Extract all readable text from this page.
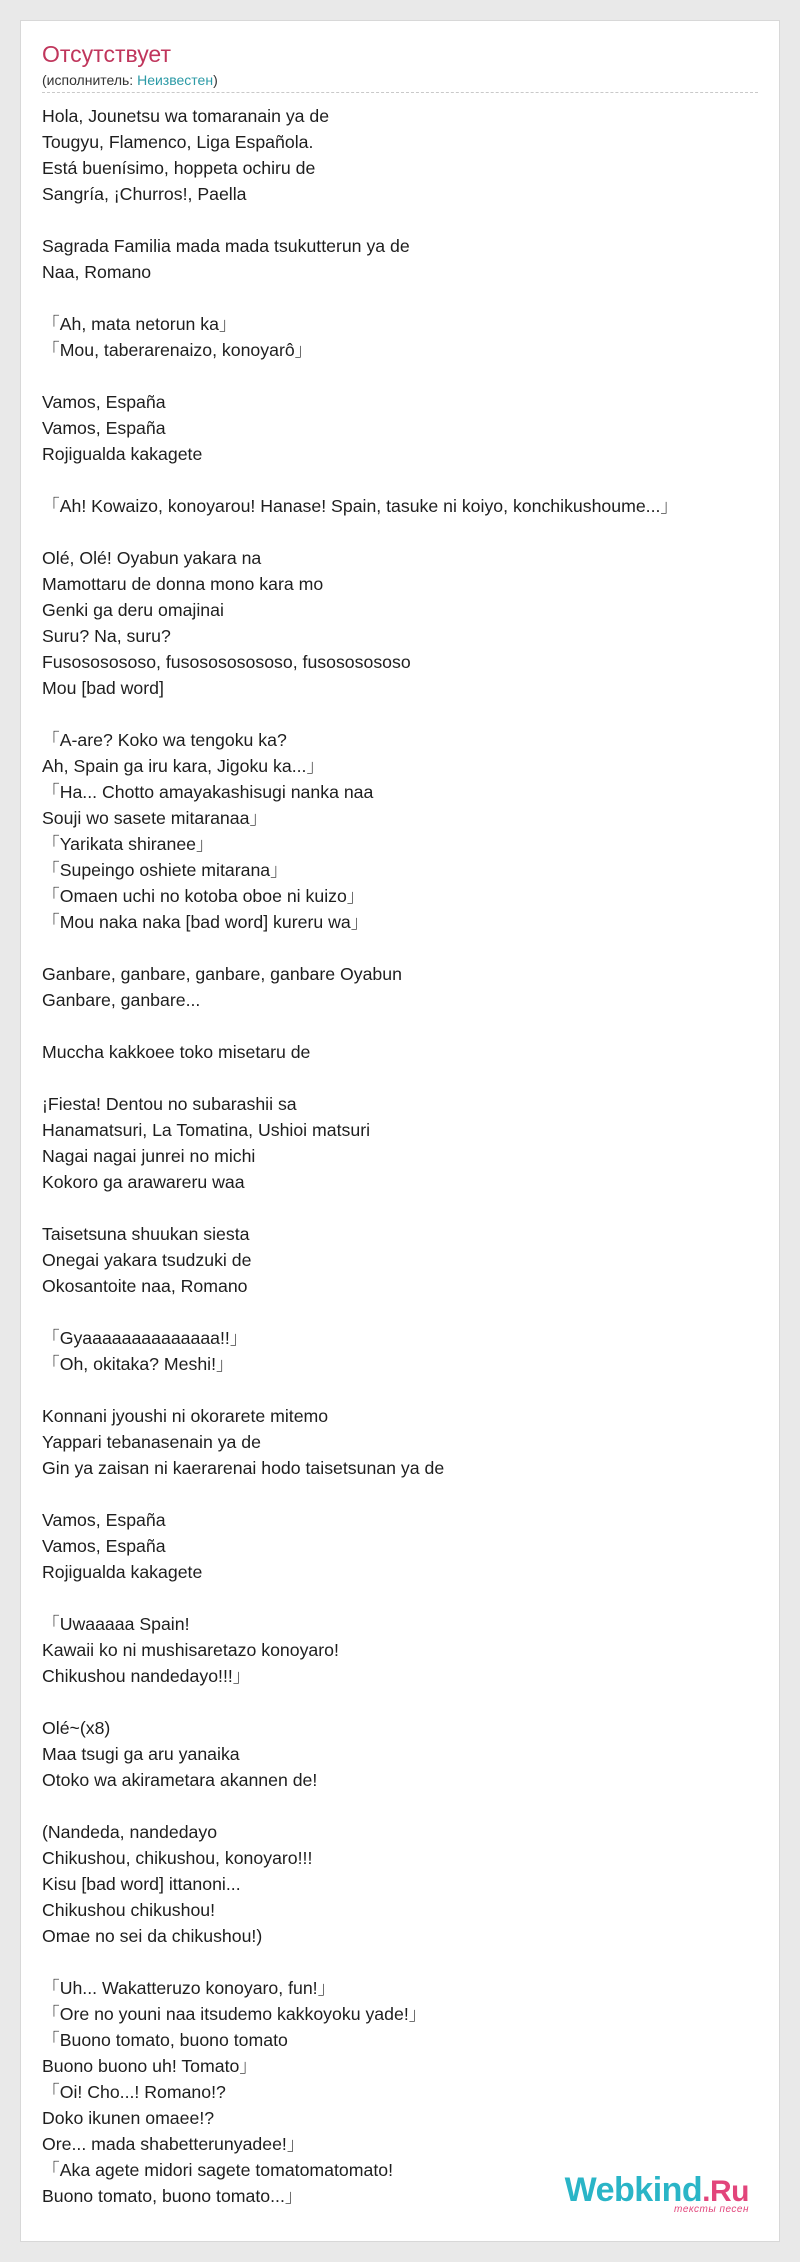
Отсутствует
(исполнитель: Неизвестен)
Hola, Jounetsu wa tomaranain ya de
Tougyu, Flamenco, Liga Española.
Está buenísimo, hoppeta ochiru de
Sangría, ¡Churros!, Paella

Sagrada Familia mada mada tsukutterun ya de
Naa, Romano

「Ah, mata netorun ka」
「Mou, taberarenaizo, konoyarô」

Vamos, España
Vamos, España
Rojigualda kakagete

「Ah! Kowaizo, konoyarou! Hanase! Spain, tasuke ni koiyo, konchikushoume...」

Olé, Olé! Oyabun yakara na
Mamottaru de donna mono kara mo
Genki ga deru omajinai
Suru? Na, suru?
Fusososososo, fusosososososo, fusososososo
Mou [bad word]

「A-are? Koko wa tengoku ka?
Ah, Spain ga iru kara, Jigoku ka...」
「Ha... Chotto amayakashisugi nanka naa
Souji wo sasete mitaranaa」
「Yarikata shiranee」
「Supeingo oshiete mitarana」
「Omaen uchi no kotoba oboe ni kuizo」
「Mou naka naka [bad word] kureru wa」

Ganbare, ganbare, ganbare, ganbare Oyabun
Ganbare, ganbare...

Muccha kakkoee toko misetaru de

¡Fiesta! Dentou no subarashii sa
Hanamatsuri, La Tomatina, Ushioi matsuri
Nagai nagai junrei no michi
Kokoro ga arawareru waa

Taisetsuna shuukan siesta
Onegai yakara tsudzuki de
Okosantoite naa, Romano

「Gyaaaaaaaaaaaaaa!!」
「Oh, okitaka? Meshi!」

Konnani jyoushi ni okorarete mitemo
Yappari tebanasenain ya de
Gin ya zaisan ni kaerarenai hodo taisetsunan ya de

Vamos, España
Vamos, España
Rojigualda kakagete

「Uwaaaaa Spain!
Kawaii ko ni mushisaretazo konoyaro!
Chikushou nandedayo!!!」

Olé~(x8)
Maa tsugi ga aru yanaika
Otoko wa akirametara akannen de!

(Nandeda, nandedayo
Chikushou, chikushou, konoyaro!!!
Kisu [bad word] ittanoni...
Chikushou chikushou!
Omae no sei da chikushou!)

「Uh... Wakatteruzo konoyaro, fun!」
「Ore no youni naa itsudemo kakkoyoku yade!」
「Buono tomato, buono tomato
Buono buono uh! Tomato」
「Oi! Cho...! Romano!?
Doko ikunen omaee!?
Ore... mada shabetterunyadee!」
「Aka agete midori sagete tomatomatomato!
Buono tomato, buono tomato...」	Webkind.Ru
тексты песен
